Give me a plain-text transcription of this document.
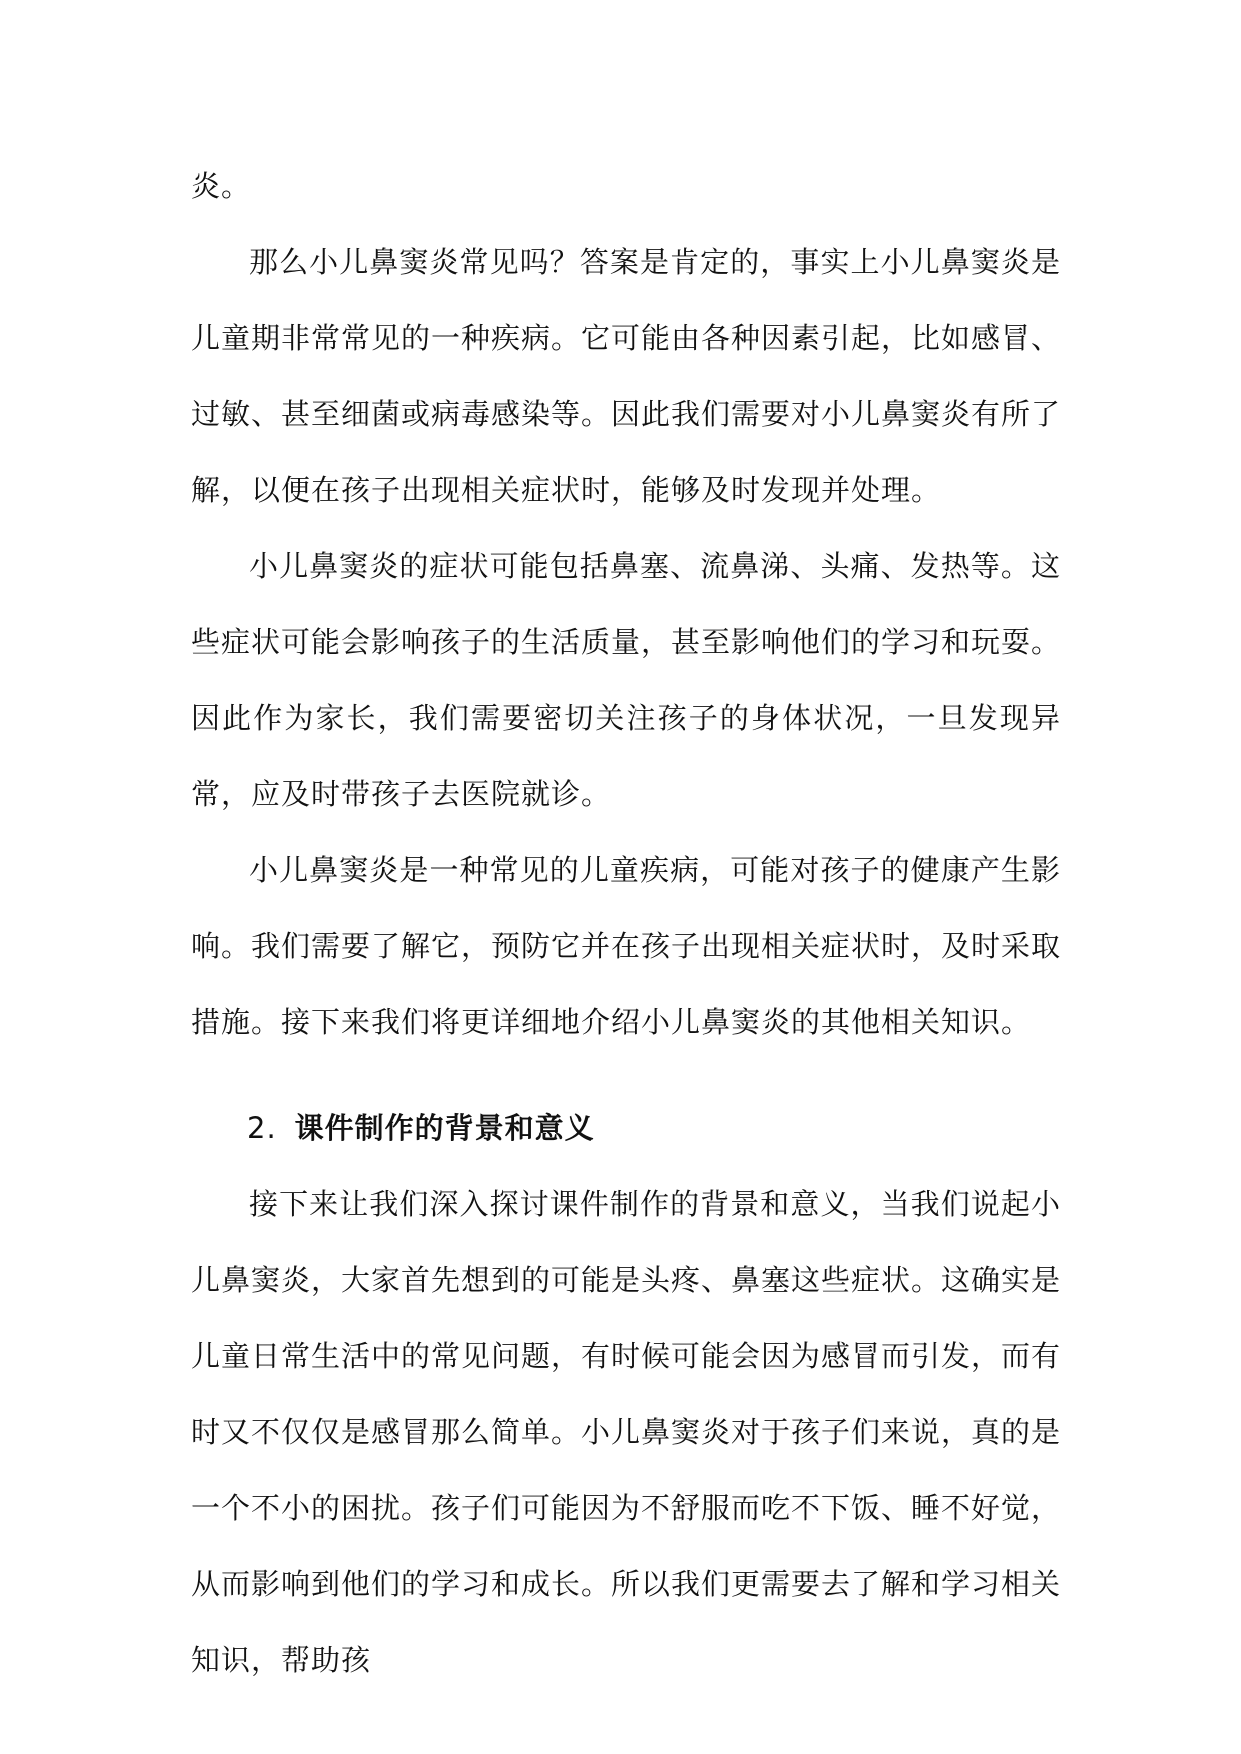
炎。

那么小儿鼻窦炎常见吗？答案是肯定的，事实上小儿鼻窦炎是儿童期非常常见的一种疾病。它可能由各种因素引起，比如感冒、过敏、甚至细菌或病毒感染等。因此我们需要对小儿鼻窦炎有所了解，以便在孩子出现相关症状时，能够及时发现并处理。

小儿鼻窦炎的症状可能包括鼻塞、流鼻涕、头痛、发热等。这些症状可能会影响孩子的生活质量，甚至影响他们的学习和玩耍。因此作为家长，我们需要密切关注孩子的身体状况，一旦发现异常，应及时带孩子去医院就诊。

小儿鼻窦炎是一种常见的儿童疾病，可能对孩子的健康产生影响。我们需要了解它，预防它并在孩子出现相关症状时，及时采取措施。接下来我们将更详细地介绍小儿鼻窦炎的其他相关知识。

2. 课件制作的背景和意义

接下来让我们深入探讨课件制作的背景和意义，当我们说起小儿鼻窦炎，大家首先想到的可能是头疼、鼻塞这些症状。这确实是儿童日常生活中的常见问题，有时候可能会因为感冒而引发，而有时又不仅仅是感冒那么简单。小儿鼻窦炎对于孩子们来说，真的是一个不小的困扰。孩子们可能因为不舒服而吃不下饭、睡不好觉，从而影响到他们的学习和成长。所以我们更需要去了解和学习相关知识，帮助孩
